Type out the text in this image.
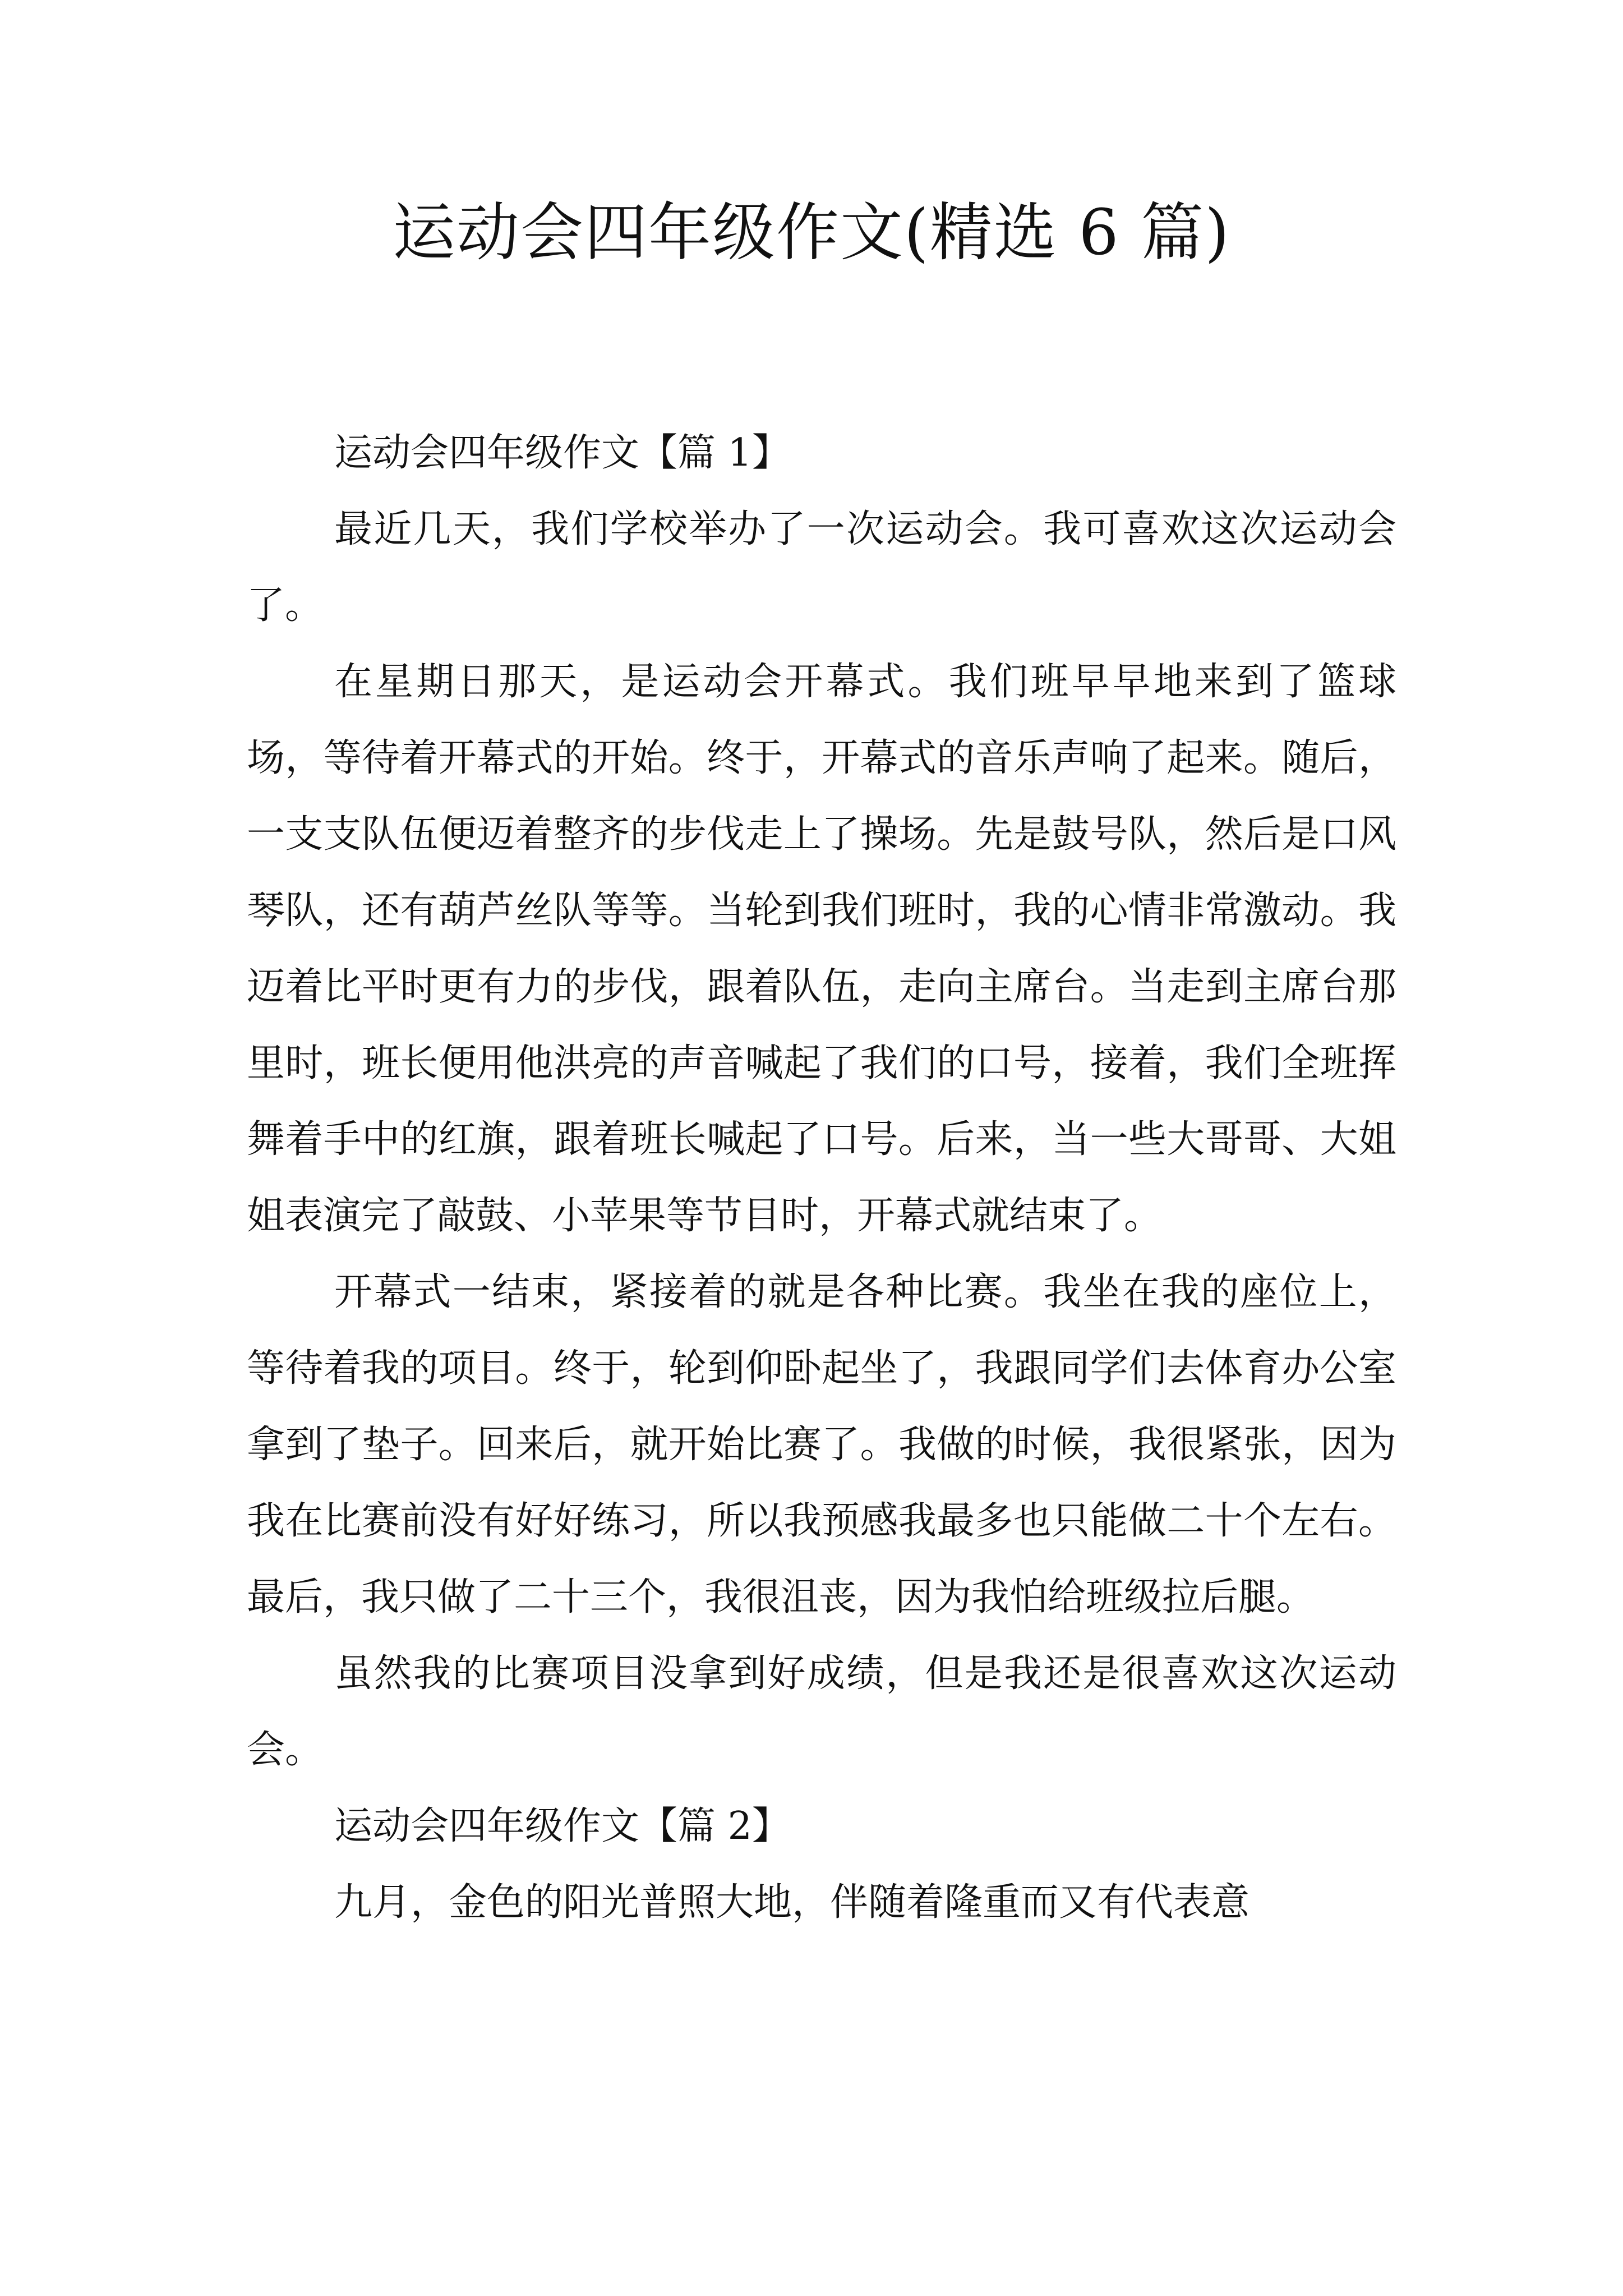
运动会四年级作文(精选 6 篇)

运动会四年级作文【篇 1】

最近几天，我们学校举办了一次运动会。我可喜欢这次运动会了。

在星期日那天，是运动会开幕式。我们班早早地来到了篮球场，等待着开幕式的开始。终于，开幕式的音乐声响了起来。随后，一支支队伍便迈着整齐的步伐走上了操场。先是鼓号队，然后是口风琴队，还有葫芦丝队等等。当轮到我们班时，我的心情非常激动。我迈着比平时更有力的步伐，跟着队伍，走向主席台。当走到主席台那里时，班长便用他洪亮的声音喊起了我们的口号，接着，我们全班挥舞着手中的红旗，跟着班长喊起了口号。后来，当一些大哥哥、大姐姐表演完了敲鼓、小苹果等节目时，开幕式就结束了。

开幕式一结束，紧接着的就是各种比赛。我坐在我的座位上，等待着我的项目。终于，轮到仰卧起坐了，我跟同学们去体育办公室拿到了垫子。回来后，就开始比赛了。我做的时候，我很紧张，因为我在比赛前没有好好练习，所以我预感我最多也只能做二十个左右。最后，我只做了二十三个，我很沮丧，因为我怕给班级拉后腿。

虽然我的比赛项目没拿到好成绩，但是我还是很喜欢这次运动会。

运动会四年级作文【篇 2】

九月，金色的阳光普照大地，伴随着隆重而又有代表意
